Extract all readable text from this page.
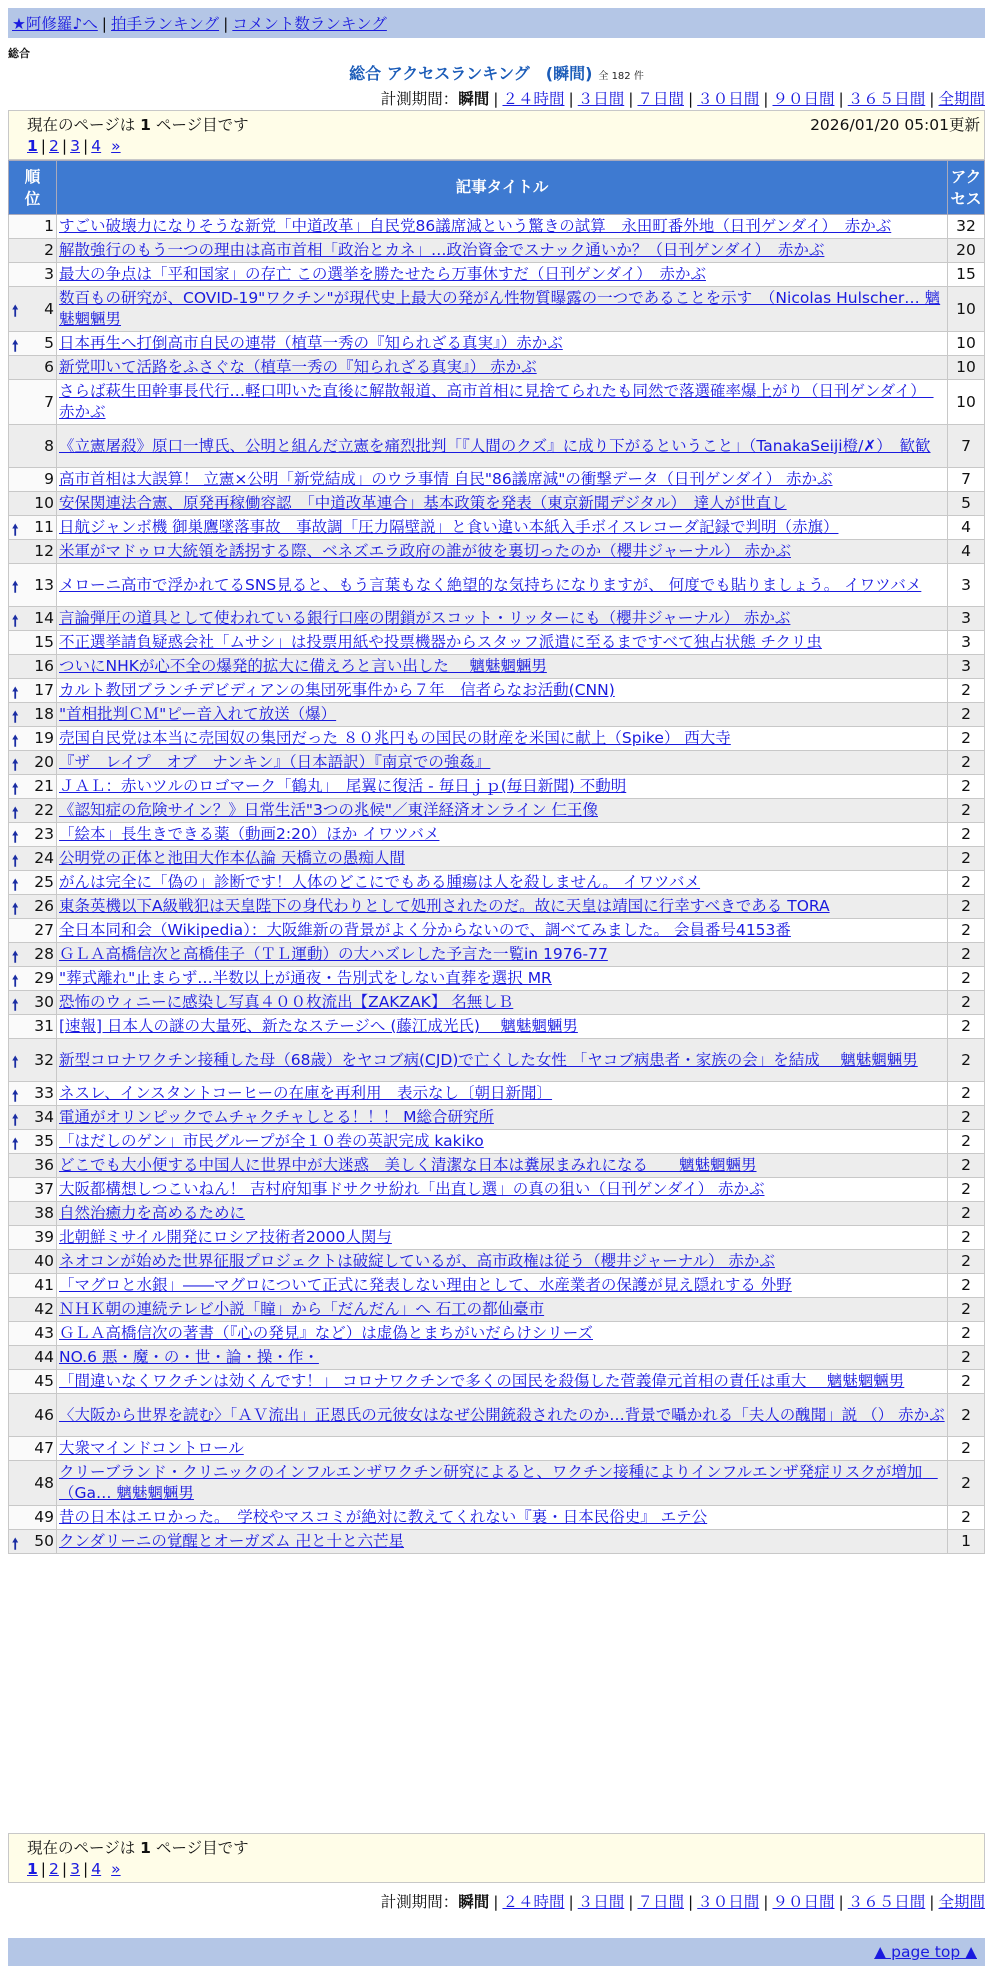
★阿修羅♪へ | 拍手ランキング | コメント数ランキング
総合
総合 アクセスランキング　(瞬間) 全 182 件
計測期間：瞬間 | ２４時間 | ３日間 | ７日間 | ３０日間 | ９０日間 | ３６５日間 | 全期間
現在のページは 1 ページ目です	2026/01/20 05:01更新
1 | 2 | 3 | 4 »
順位	記事タイトル	アクセス

1	すごい破壊力になりそうな新党「中道改革」自民党86議席減という驚きの試算　永田町番外地（日刊ゲンダイ）　赤かぶ	32
2	解散強行のもう一つの理由は高市首相「政治とカネ」…政治資金でスナック通いか？（日刊ゲンダイ）　赤かぶ	20
3	最大の争点は「平和国家」の存亡 この選挙を勝たせたら万事休すだ（日刊ゲンダイ）　赤かぶ	15

🠕 4	数百もの研究が、COVID-19"ワクチン"が現代史上最大の発がん性物質曝露の一つであることを示す　（Nicolas Hulscher… 魑魅魍魎男	10

🠕 5	日本再生へ打倒高市自民の連帯（植草一秀の『知られざる真実』）赤かぶ	10
6	新党叩いて活路をふさぐな（植草一秀の『知られざる真実』） 赤かぶ	10
7	さらば萩生田幹事長代行…軽口叩いた直後に解散報道、高市首相に見捨てられたも同然で落選確率爆上がり（日刊ゲンダイ）　赤かぶ	10
8	《立憲屠殺》原口一博氏、公明と組んだ立憲を痛烈批判「『人間のクズ』に成り下がるということ」（TanakaSeiji橙/✗）　歓歓	7
9	高市首相は大誤算！ 立憲×公明「新党結成」のウラ事情 自民"86議席減"の衝撃データ（日刊ゲンダイ） 赤かぶ	7
10	安保関連法合憲、原発再稼働容認　「中道改革連合」基本政策を発表（東京新聞デジタル）　達人が世直し	5

🠕 11	日航ジャンボ機 御巣鷹墜落事故　事故調「圧力隔壁説」と食い違い本紙入手ボイスレコーダ記録で判明（赤旗）	4
12	米軍がマドゥロ大統領を誘拐する際、ベネズエラ政府の誰が彼を裏切ったのか（櫻井ジャーナル） 赤かぶ	4

🠕 13	メローニ高市で浮かれてるSNS見ると、もう言葉もなく絶望的な気持ちになりますが、 何度でも貼りましょう。 イワツバメ	3

🠕 14	言論弾圧の道具として使われている銀行口座の閉鎖がスコット・リッターにも（櫻井ジャーナル） 赤かぶ	3
15	不正選挙請負疑惑会社「ムサシ」は投票用紙や投票機器からスタッフ派遣に至るまですべて独占状態 チクリ虫	3
16	ついにNHKが心不全の爆発的拡大に備えろと言い出した　 魑魅魍魎男	3

🠕 17	カルト教団ブランチデビディアンの集団死事件から７年　信者らなお活動(CNN)	2

🠕 18	"首相批判ＣＭ"ピー音入れて放送（爆）	2

🠕 19	売国自民党は本当に売国奴の集団だった ８０兆円もの国民の財産を米国に献上（Spike） 西大寺	2

🠕 20	『ザ　レイプ　オブ　ナンキン』（日本語訳）『南京での強姦』	2

🠕 21	ＪＡＬ：赤いツルのロゴマーク「鶴丸」　尾翼に復活 - 毎日ｊｐ(毎日新聞) 不動明	2

🠕 22	《認知症の危険サイン？》日常生活"3つの兆候"／東洋経済オンライン 仁王像	2

🠕 23	「絵本」長生きできる薬（動画2:20）ほか イワツバメ	2

🠕 24	公明党の正体と池田大作本仏論 天橋立の愚痴人間	2

🠕 25	がんは完全に「偽の」診断です！人体のどこにでもある腫瘍は人を殺しません。 イワツバメ	2

🠕 26	東条英機以下A級戦犯は天皇陛下の身代わりとして処刑されたのだ。故に天皇は靖国に行幸すべきである TORA	2
27	全日本同和会（Wikipedia）：大阪維新の背景がよく分からないので、調べてみました。 会員番号4153番	2

🠕 28	ＧＬＡ高橋信次と高橋佳子（ＴＬ運動）の大ハズレした予言た一覧in 1976-77	2

🠕 29	"葬式離れ"止まらず…半数以上が通夜・告別式をしない直葬を選択 MR	2

🠕 30	恐怖のウィニーに感染し写真４００枚流出【ZAKZAK】 名無しＢ	2
31	[速報] 日本人の謎の大量死、新たなステージへ (藤江成光氏)　 魑魅魍魎男	2

🠕 32	新型コロナワクチン接種した母（68歳）をヤコブ病(CJD)で亡くした女性 「ヤコブ病患者・家族の会」を結成　 魑魅魍魎男	2

🠕 33	ネスレ、インスタントコーヒーの在庫を再利用　表示なし〔朝日新聞〕	2

🠕 34	電通がオリンピックでムチャクチャしとる！！！ M総合研究所	2

🠕 35	「はだしのゲン」市民グループが全１０巻の英訳完成 kakiko	2
36	どこでも大小便する中国人に世界中が大迷惑　美しく清潔な日本は糞尿まみれになる　　魑魅魍魎男	2
37	大阪都構想しつこいねん！ 吉村府知事ドサクサ紛れ「出直し選」の真の狙い（日刊ゲンダイ） 赤かぶ	2
38	自然治癒力を高めるために	2
39	北朝鮮ミサイル開発にロシア技術者2000人関与	2
40	ネオコンが始めた世界征服プロジェクトは破綻しているが、高市政権は従う（櫻井ジャーナル） 赤かぶ	2
41	「マグロと水銀」――マグロについて正式に発表しない理由として、水産業者の保護が見え隠れする 外野	2
42	ＮＨＫ朝の連続テレビ小説「瞳」から「だんだん」へ 石工の都仙臺市	2
43	ＧＬＡ高橋信次の著書（『心の発見』など）は虚偽とまちがいだらけシリーズ	2
44	NO.6 悪・魔・の・世・論・操・作・	2
45	「間違いなくワクチンは効くんです！」 コロナワクチンで多くの国民を殺傷した菅義偉元首相の責任は重大　 魑魅魍魎男	2
46	〈大阪から世界を読む〉「ＡＶ流出」正恩氏の元彼女はなぜ公開銃殺されたのか…背景で囁かれる「夫人の醜聞」説 （） 赤かぶ	2
47	大衆マインドコントロール	2
48	クリーブランド・クリニックのインフルエンザワクチン研究によると、ワクチン接種によりインフルエンザ発症リスクが増加　（Ga… 魑魅魍魎男	2
49	昔の日本はエロかった。　学校やマスコミが絶対に教えてくれない『裏・日本民俗史』 エテ公	2

🠕 50	クンダリーニの覚醒とオーガズム 卍と十と六芒星	1
現在のページは 1 ページ目です
1 | 2 | 3 | 4 »
計測期間：瞬間 | ２４時間 | ３日間 | ７日間 | ３０日間 | ９０日間 | ３６５日間 | 全期間
▲ page top ▲
